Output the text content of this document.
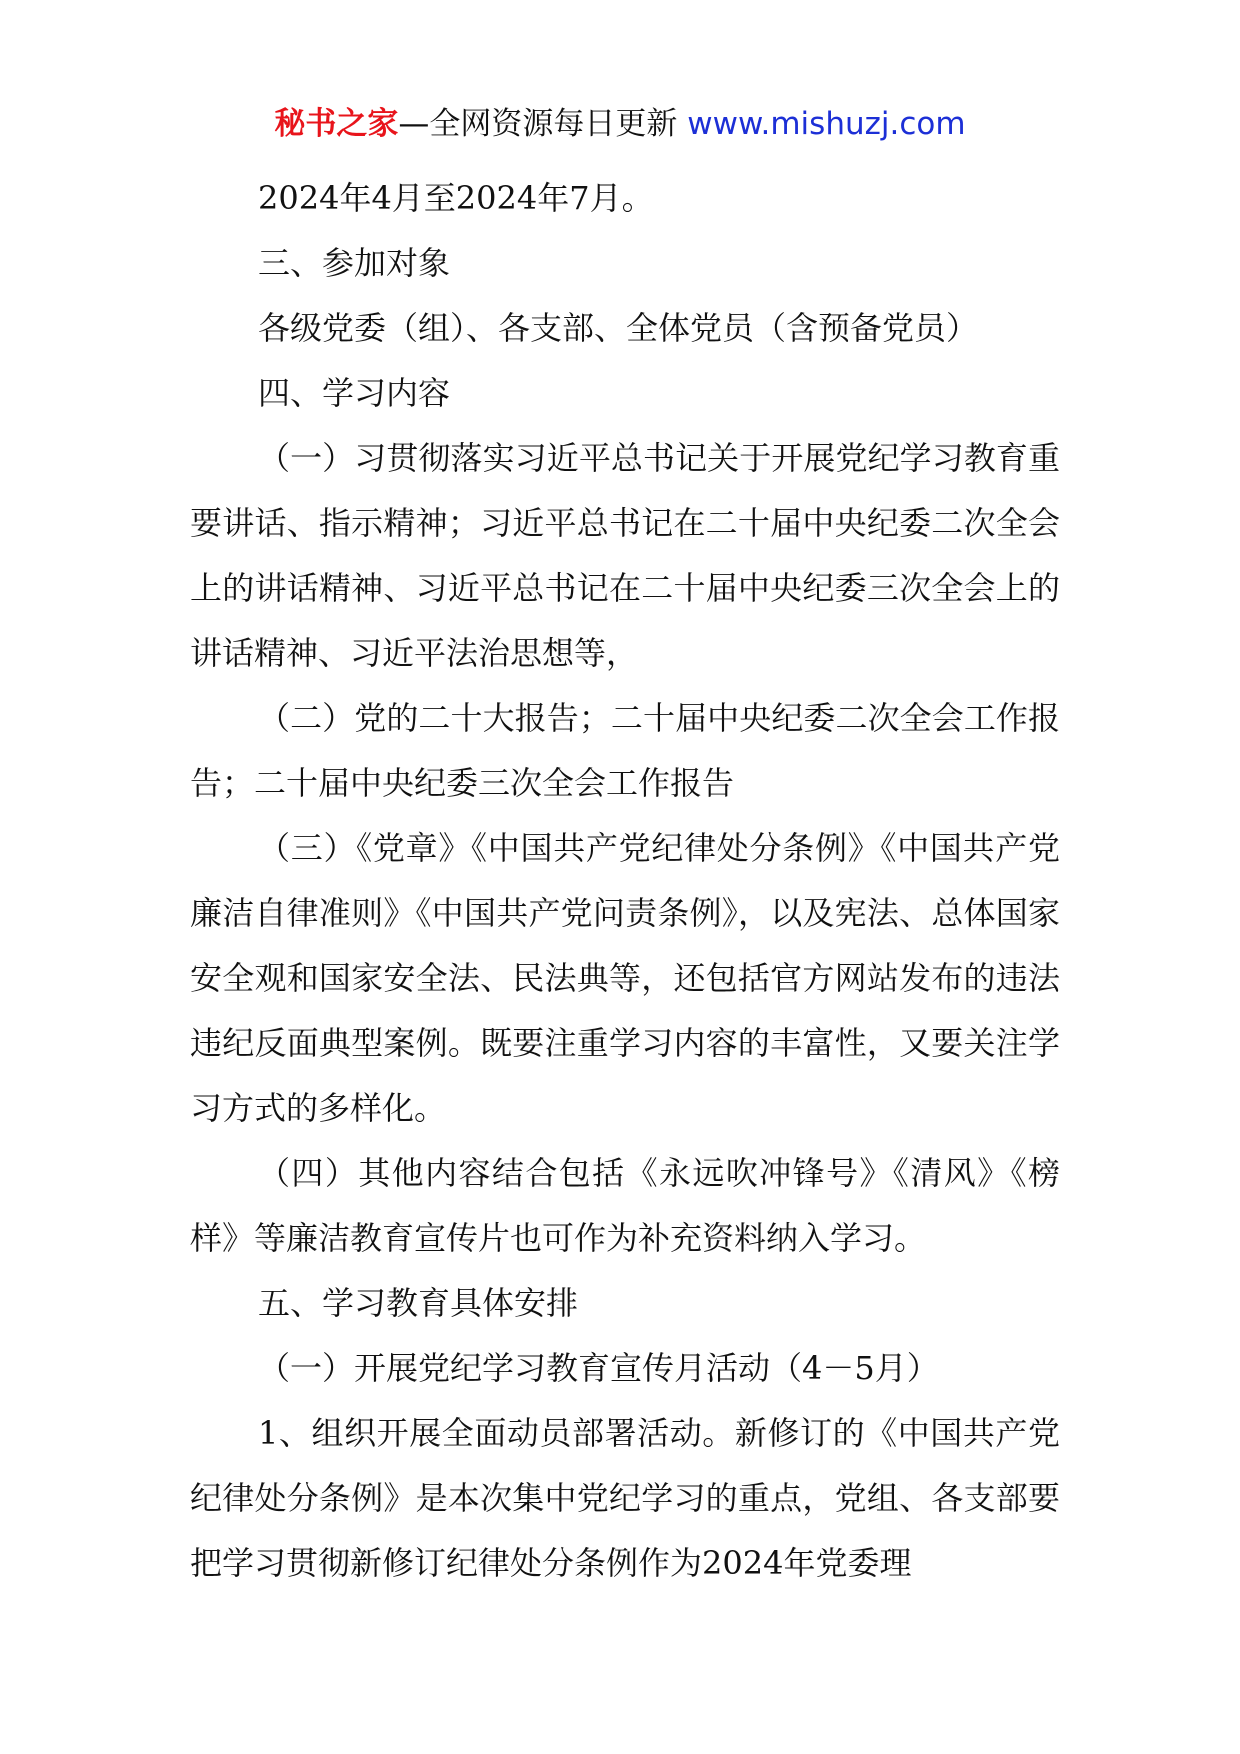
秘书之家—全网资源每日更新 www.mishuzj.com

2024年4月至2024年7月。

三、参加对象

各级党委（组）、各支部、全体党员（含预备党员）

四、学习内容

（一）习贯彻落实习近平总书记关于开展党纪学习教育重要讲话、指示精神；习近平总书记在二十届中央纪委二次全会上的讲话精神、习近平总书记在二十届中央纪委三次全会上的讲话精神、习近平法治思想等，

（二）党的二十大报告；二十届中央纪委二次全会工作报告；二十届中央纪委三次全会工作报告

（三）《党章》《中国共产党纪律处分条例》《中国共产党廉洁自律准则》《中国共产党问责条例》，以及宪法、总体国家安全观和国家安全法、民法典等，还包括官方网站发布的违法违纪反面典型案例。既要注重学习内容的丰富性，又要关注学习方式的多样化。

（四）其他内容结合包括《永远吹冲锋号》《清风》《榜样》等廉洁教育宣传片也可作为补充资料纳入学习。

五、学习教育具体安排

（一）开展党纪学习教育宣传月活动（4－5月）

1、组织开展全面动员部署活动。新修订的《中国共产党纪律处分条例》是本次集中党纪学习的重点，党组、各支部要把学习贯彻新修订纪律处分条例作为2024年党委理
